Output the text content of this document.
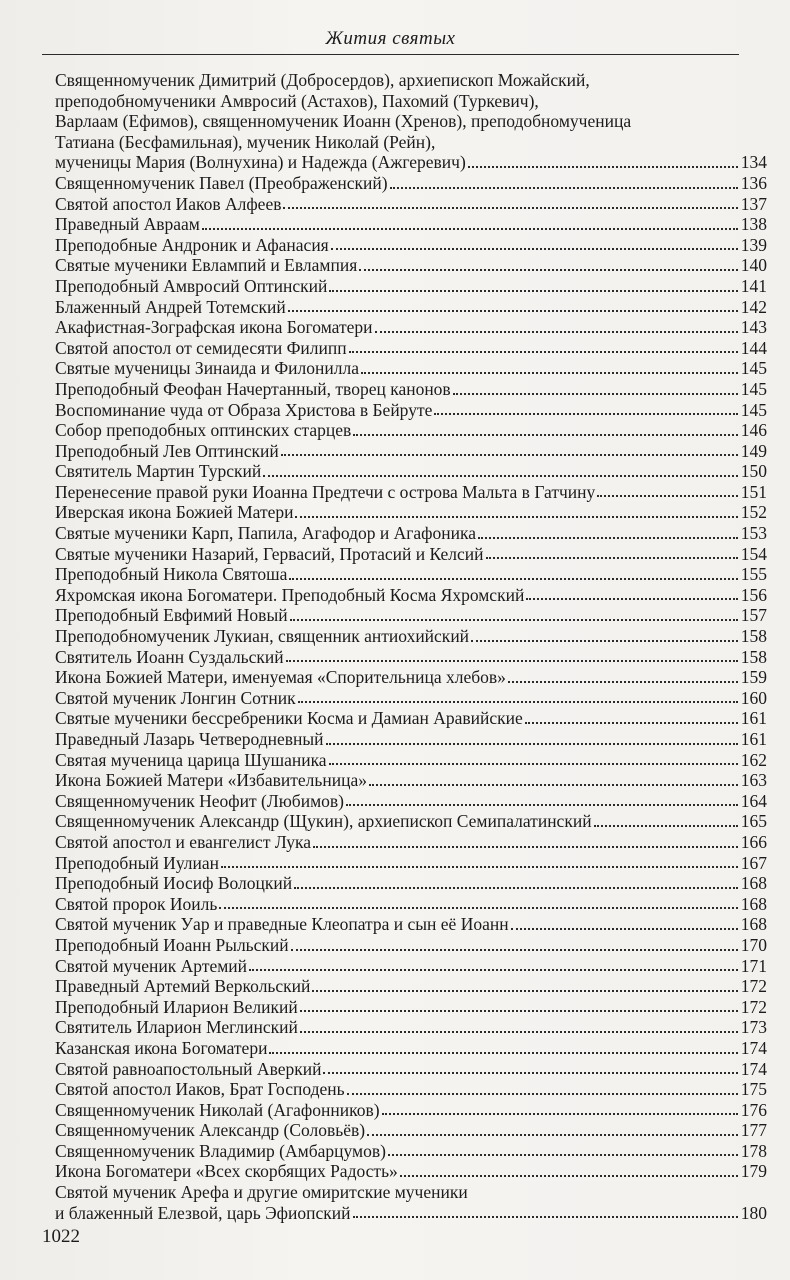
Жития святых
Священномученик Димитрий (Добросердов), архиепископ Можайский,
преподобномученики Амвросий (Астахов), Пахомий (Туркевич),
Варлаам (Ефимов), священномученик Иоанн (Хренов), преподобномученица
Татиана (Бесфамильная), мученик Николай (Рейн),
мученицы Мария (Волнухина) и Надежда (Ажгеревич)	134
Священномученик Павел (Преображенский)	136
Святой апостол Иаков Алфеев	137
Праведный Авраам	138
Преподобные Андроник и Афанасия	139
Святые мученики Евлампий и Евлампия	140
Преподобный Амвросий Оптинский	141
Блаженный Андрей Тотемский	142
Акафистная-Зографская икона Богоматери	143
Святой апостол от семидесяти Филипп	144
Святые мученицы Зинаида и Филонилла	145
Преподобный Феофан Начертанный, творец канонов	145
Воспоминание чуда от Образа Христова в Бейруте	145
Собор преподобных оптинских старцев	146
Преподобный Лев Оптинский	149
Святитель Мартин Турский	150
Перенесение правой руки Иоанна Предтечи с острова Мальта в Гатчину	151
Иверская икона Божией Матери	152
Святые мученики Карп, Папила, Агафодор и Агафоника	153
Святые мученики Назарий, Гервасий, Протасий и Келсий	154
Преподобный Никола Святоша	155
Яхромская икона Богоматери. Преподобный Косма Яхромский	156
Преподобный Евфимий Новый	157
Преподобномученик Лукиан, священник антиохийский	158
Святитель Иоанн Суздальский	158
Икона Божией Матери, именуемая «Спорительница хлебов»	159
Святой мученик Лонгин Сотник	160
Святые мученики бессребреники Косма и Дамиан Аравийские	161
Праведный Лазарь Четверодневный	161
Святая мученица царица Шушаника	162
Икона Божией Матери «Избавительница»	163
Священномученик Неофит (Любимов)	164
Священномученик Александр (Щукин), архиепископ Семипалатинский	165
Святой апостол и евангелист Лука	166
Преподобный Иулиан	167
Преподобный Иосиф Волоцкий	168
Святой пророк Иоиль	168
Святой мученик Уар и праведные Клеопатра и сын её Иоанн	168
Преподобный Иоанн Рыльский	170
Святой мученик Артемий	171
Праведный Артемий Веркольский	172
Преподобный Иларион Великий	172
Святитель Иларион Меглинский	173
Казанская икона Богоматери	174
Святой равноапостольный Аверкий	174
Святой апостол Иаков, Брат Господень	175
Священномученик Николай (Агафонников)	176
Священномученик Александр (Соловьёв)	177
Священномученик Владимир (Амбарцумов)	178
Икона Богоматери «Всех скорбящих Радость»	179
Святой мученик Арефа и другие омиритские мученики
и блаженный Елезвой, царь Эфиопский	180
1022
